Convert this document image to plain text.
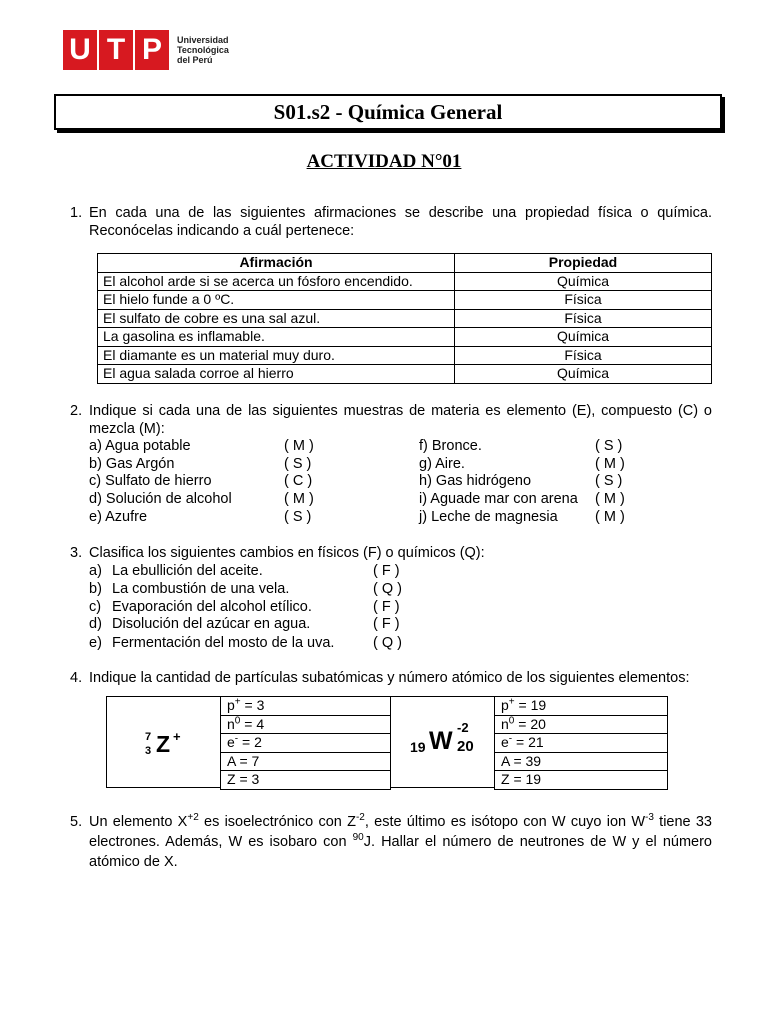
U T P	Universidad
Tecnológica
del Perú
S01.s2 - Química General
ACTIVIDAD N°01
1. En cada una de las siguientes afirmaciones se describe una propiedad física o química. Reconócelas indicando a cuál pertenece:
Afirmación	Propiedad
El alcohol arde si se acerca un fósforo encendido.	Química
El hielo funde a 0 ºC.	Física
El sulfato de cobre es una sal azul.	Física
La gasolina es inflamable.	Química
El diamante es un material muy duro.	Física
El agua salada corroe al hierro	Química
2. Indique si cada una de las siguientes muestras de materia es elemento (E), compuesto (C) o mezcla (M):
a) Agua potable	( M )
b) Gas Argón	( S )
c) Sulfato de hierro	( C )
d) Solución de alcohol	( M )
e) Azufre	( S )
f) Bronce.	( S )
g) Aire.	( M )
h) Gas hidrógeno	( S )
i) Aguade mar con arena ( M )
j) Leche de magnesia	( M )
3. Clasifica los siguientes cambios en físicos (F) o químicos (Q):
a) La ebullición del aceite.	( F )
b) La combustión de una vela.	( Q )
c) Evaporación del alcohol etílico.	( F )
d) Disolución del azúcar en agua.	( F )
e) Fermentación del mosto de la uva.	( Q )
4. Indique la cantidad de partículas subatómicas y número atómico de los siguientes elementos:
7
3 Z +
p+ = 3
$n^0 = 4$
e- = 2
A = 7
Z = 3
19 W -2
20
p+ = 19
$n^0 = 20$
e- = 21
A = 39
Z = 19
5. Un elemento $X^{+2}$ es isoelectrónico con $Z^{-2}$, este último es isótopo con W cuyo ion $W^{-3}$ tiene 33 electrones. Además, W es isobaro con $^{90}$J. Hallar el número de neutrones de W y el número atómico de X.
